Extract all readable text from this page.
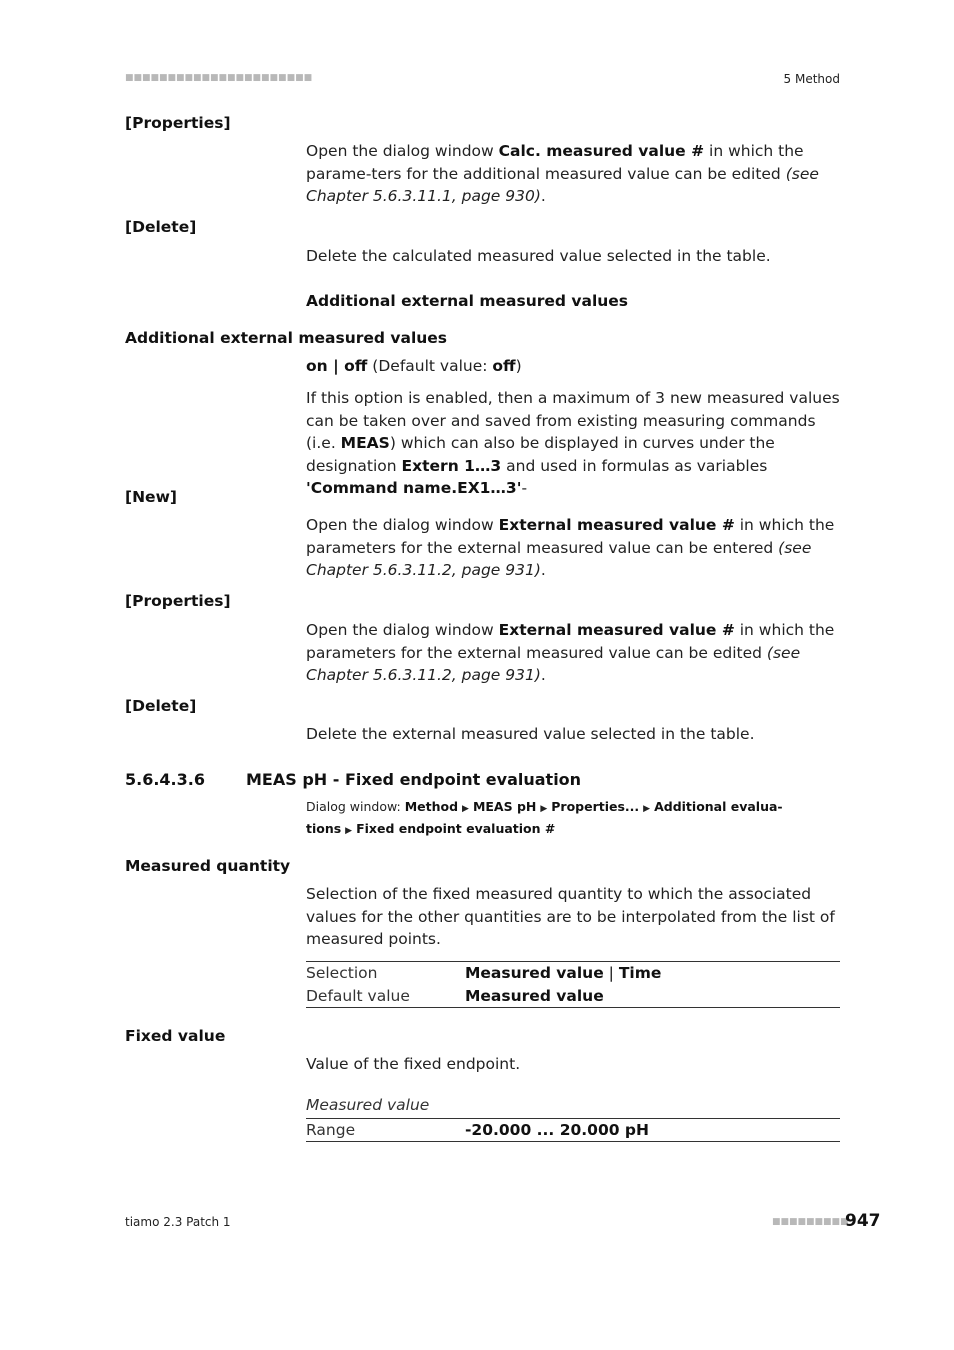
■■■■■■■■■■■■■■■■■■■■■■	5 Method
[Properties]
Open the dialog window Calc. measured value # in which the parame-ters for the additional measured value can be edited (see Chapter 5.6.3.11.1, page 930).
[Delete]
Delete the calculated measured value selected in the table.
Additional external measured values
Additional external measured values
on | off (Default value: off)
If this option is enabled, then a maximum of 3 new measured values can be taken over and saved from existing measuring commands (i.e. MEAS) which can also be displayed in curves under the designation Extern 1…3 and used in formulas as variables 'Command name.EX1…3'-
[New]
Open the dialog window External measured value # in which the parameters for the external measured value can be entered (see Chapter 5.6.3.11.2, page 931).
[Properties]
Open the dialog window External measured value # in which the parameters for the external measured value can be edited (see Chapter 5.6.3.11.2, page 931).
[Delete]
Delete the external measured value selected in the table.
5.6.4.3.6	MEAS pH - Fixed endpoint evaluation
Dialog window: Method ▶ MEAS pH ▶ Properties... ▶ Additional evalua-tions ▶ Fixed endpoint evaluation #
Measured quantity
Selection of the fixed measured quantity to which the associated values for the other quantities are to be interpolated from the list of measured points.
Selection	Measured value | Time
Default value	Measured value
Fixed value
Value of the fixed endpoint.
Measured value
Range	-20.000 ... 20.000 pH
tiamo 2.3 Patch 1	■■■■■■■■■
947
